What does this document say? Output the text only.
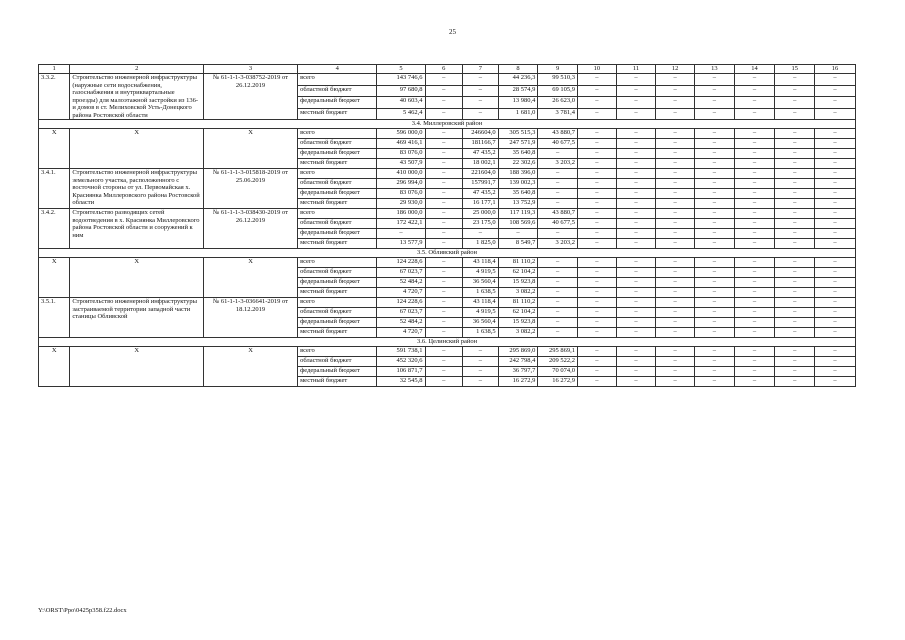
25
1	2	3	4	5	6	7	8	9	10	11	12	13	14	15	16
3.3.2.	Строительство инженерной инфраструктуры (наружные сети водоснабжения, газоснабжения и внутриквартальные проезды) для малоэтажной застройки из 136-и домов в ст. Мелиховской Усть-Донецкого района Ростовской области	№ 61-1-1-3-038752-2019 от 26.12.2019	всего	143 746,6	–	–	44 236,3	99 510,3	–	–	–	–	–	–	–
			областной бюджет	97 680,8	–	–	28 574,9	69 105,9	–	–	–	–	–	–	–
			федеральный бюджет	40 603,4	–	–	13 980,4	26 623,0	–	–	–	–	–	–	–
			местный бюджет	5 462,4	–	–	1 681,0	3 781,4	–	–	–	–	–	–	–
3.4. Миллеровский район															
X	X	X	всего	596 000,0	–	246604,0	305 515,3	43 880,7	–	–	–	–	–	–	–
			областной бюджет	469 416,1	–	181166,7	247 571,9	40 677,5	–	–	–	–	–	–	–
			федеральный бюджет	83 076,0	–	47 435,2	35 640,8	–	–	–	–	–	–	–	–
			местный бюджет	43 507,9	–	18 002,1	22 302,6	3 203,2	–	–	–	–	–	–	–
3.4.1.	Строительство инженерной инфраструктуры земельного участка, расположенного с восточной стороны от ул. Первомайская х. Красиянка Миллеровского района Ростовской области	№ 61-1-1-3-015818-2019 от 25.06.2019	всего	410 000,0	–	221604,0	188 396,0	–	–	–	–	–	–	–	–
			областной бюджет	296 994,0	–	157991,7	139 002,3	–	–	–	–	–	–	–	–
			федеральный бюджет	83 076,0	–	47 435,2	35 640,8	–	–	–	–	–	–	–	–
			местный бюджет	29 930,0	–	16 177,1	13 752,9	–	–	–	–	–	–	–	–
3.4.2.	Строительство разводящих сетей водоотведения в х. Красиянка Миллеровского района Ростовской области и сооружений к ним	№ 61-1-1-3-038430-2019 от 26.12.2019	всего	186 000,0	–	25 000,0	117 119,3	43 880,7	–	–	–	–	–	–	–
			областной бюджет	172 422,1	–	23 175,0	108 569,6	40 677,5	–	–	–	–	–	–	–
			федеральный бюджет	–	–	–	–	–	–	–	–	–	–	–	–
			местный бюджет	13 577,9	–	1 825,0	8 549,7	3 203,2	–	–	–	–	–	–	–
3.5. Обливский район															
X	X	X	всего	124 228,6	–	43 118,4	81 110,2	–	–	–	–	–	–	–	–
			областной бюджет	67 023,7	–	4 919,5	62 104,2	–	–	–	–	–	–	–	–
			федеральный бюджет	52 484,2	–	36 560,4	15 923,8	–	–	–	–	–	–	–	–
			местный бюджет	4 720,7	–	1 638,5	3 082,2	–	–	–	–	–	–	–	–
3.5.1.	Строительство инженерной инфраструктуры застраиваемой территории западной части станицы Обливской	№ 61-1-1-3-036641-2019 от 18.12.2019	всего	124 228,6	–	43 118,4	81 110,2	–	–	–	–	–	–	–	–
			областной бюджет	67 023,7	–	4 919,5	62 104,2	–	–	–	–	–	–	–	–
			федеральный бюджет	52 484,2	–	36 560,4	15 923,8	–	–	–	–	–	–	–	–
			местный бюджет	4 720,7	–	1 638,5	3 082,2	–	–	–	–	–	–	–	–
3.6. Целинский район															
X	X	X	всего	591 738,1	–	–	295 869,0	295 869,1	–	–	–	–	–	–	–
			областной бюджет	452 320,6	–	–	242 798,4	209 522,2	–	–	–	–	–	–	–
			федеральный бюджет	106 871,7	–	–	36 797,7	70 074,0	–	–	–	–	–	–	–
			местный бюджет	32 545,8	–	–	16 272,9	16 272,9	–	–	–	–	–	–	–
Y:\ORST\Ppo\0425p358.f22.docx
